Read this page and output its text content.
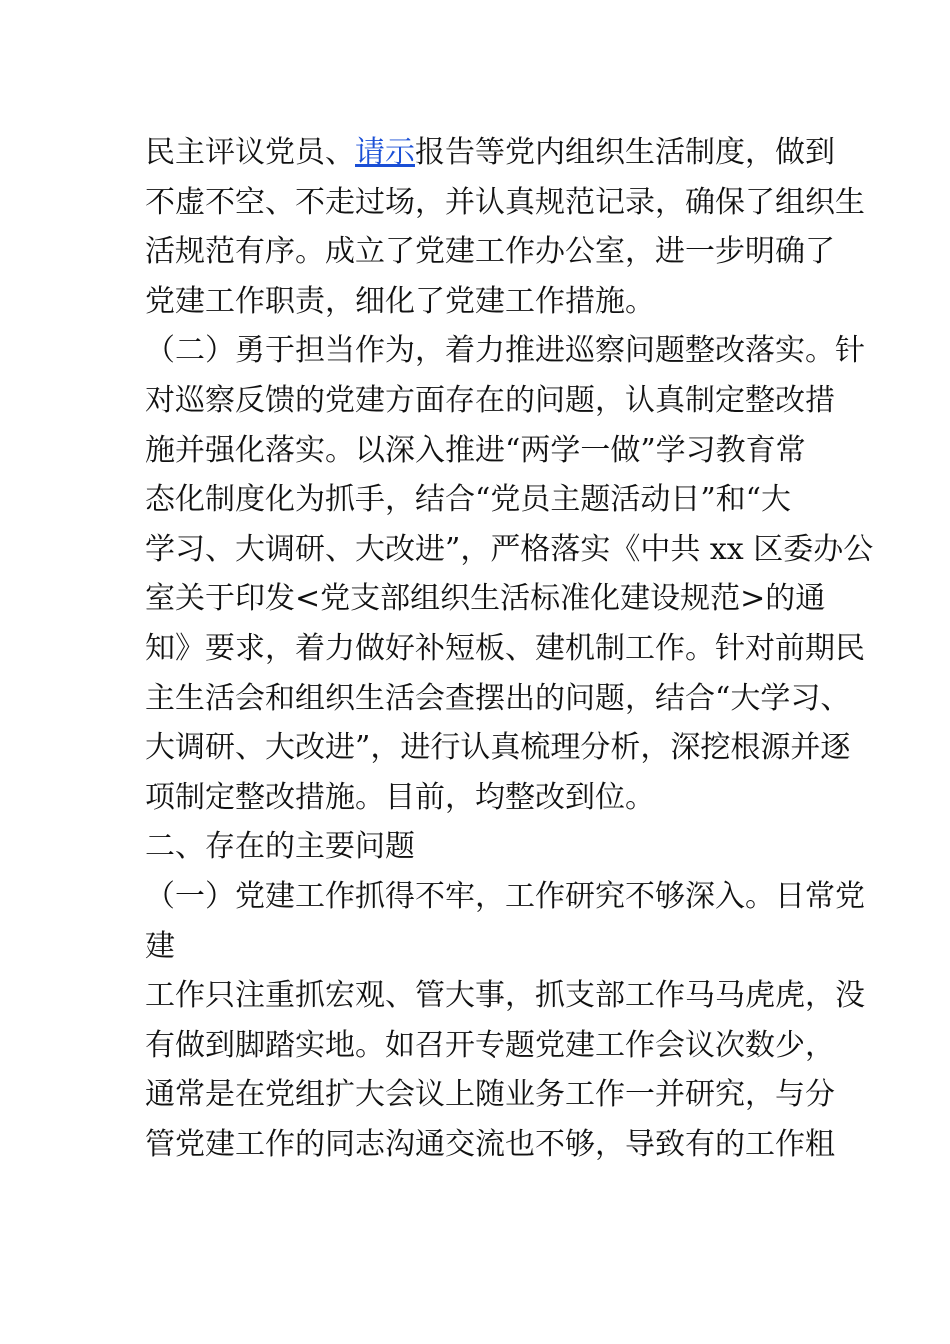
民主评议党员、请示报告等党内组织生活制度，做到
不虚不空、不走过场，并认真规范记录，确保了组织生
活规范有序。成立了党建工作办公室，进一步明确了
党建工作职责，细化了党建工作措施。
（二）勇于担当作为，着力推进巡察问题整改落实。针
对巡察反馈的党建方面存在的问题，认真制定整改措
施并强化落实。以深入推进“两学一做”学习教育常
态化制度化为抓手，结合“党员主题活动日”和“大
学习、大调研、大改进”，严格落实《中共 xx 区委办公
室关于印发<党支部组织生活标准化建设规范>的通
知》要求，着力做好补短板、建机制工作。针对前期民
主生活会和组织生活会查摆出的问题，结合“大学习、
大调研、大改进”，进行认真梳理分析，深挖根源并逐
项制定整改措施。目前，均整改到位。
二、存在的主要问题
（一）党建工作抓得不牢，工作研究不够深入。日常党
建
工作只注重抓宏观、管大事，抓支部工作马马虎虎，没
有做到脚踏实地。如召开专题党建工作会议次数少，
通常是在党组扩大会议上随业务工作一并研究，与分
管党建工作的同志沟通交流也不够，导致有的工作粗
